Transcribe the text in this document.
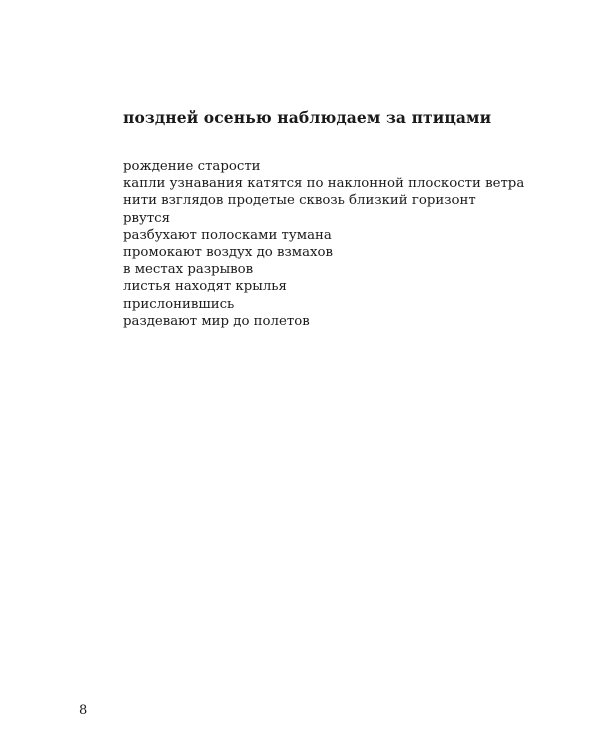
поздней осенью наблюдаем за птицами
рождение старости
капли узнавания катятся по наклонной плоскости ветра
нити взглядов продетые сквозь близкий горизонт
рвутся
разбухают полосками тумана
промокают воздух до взмахов
в местах разрывов
листья находят крылья
прислонившись
раздевают мир до полетов
8
